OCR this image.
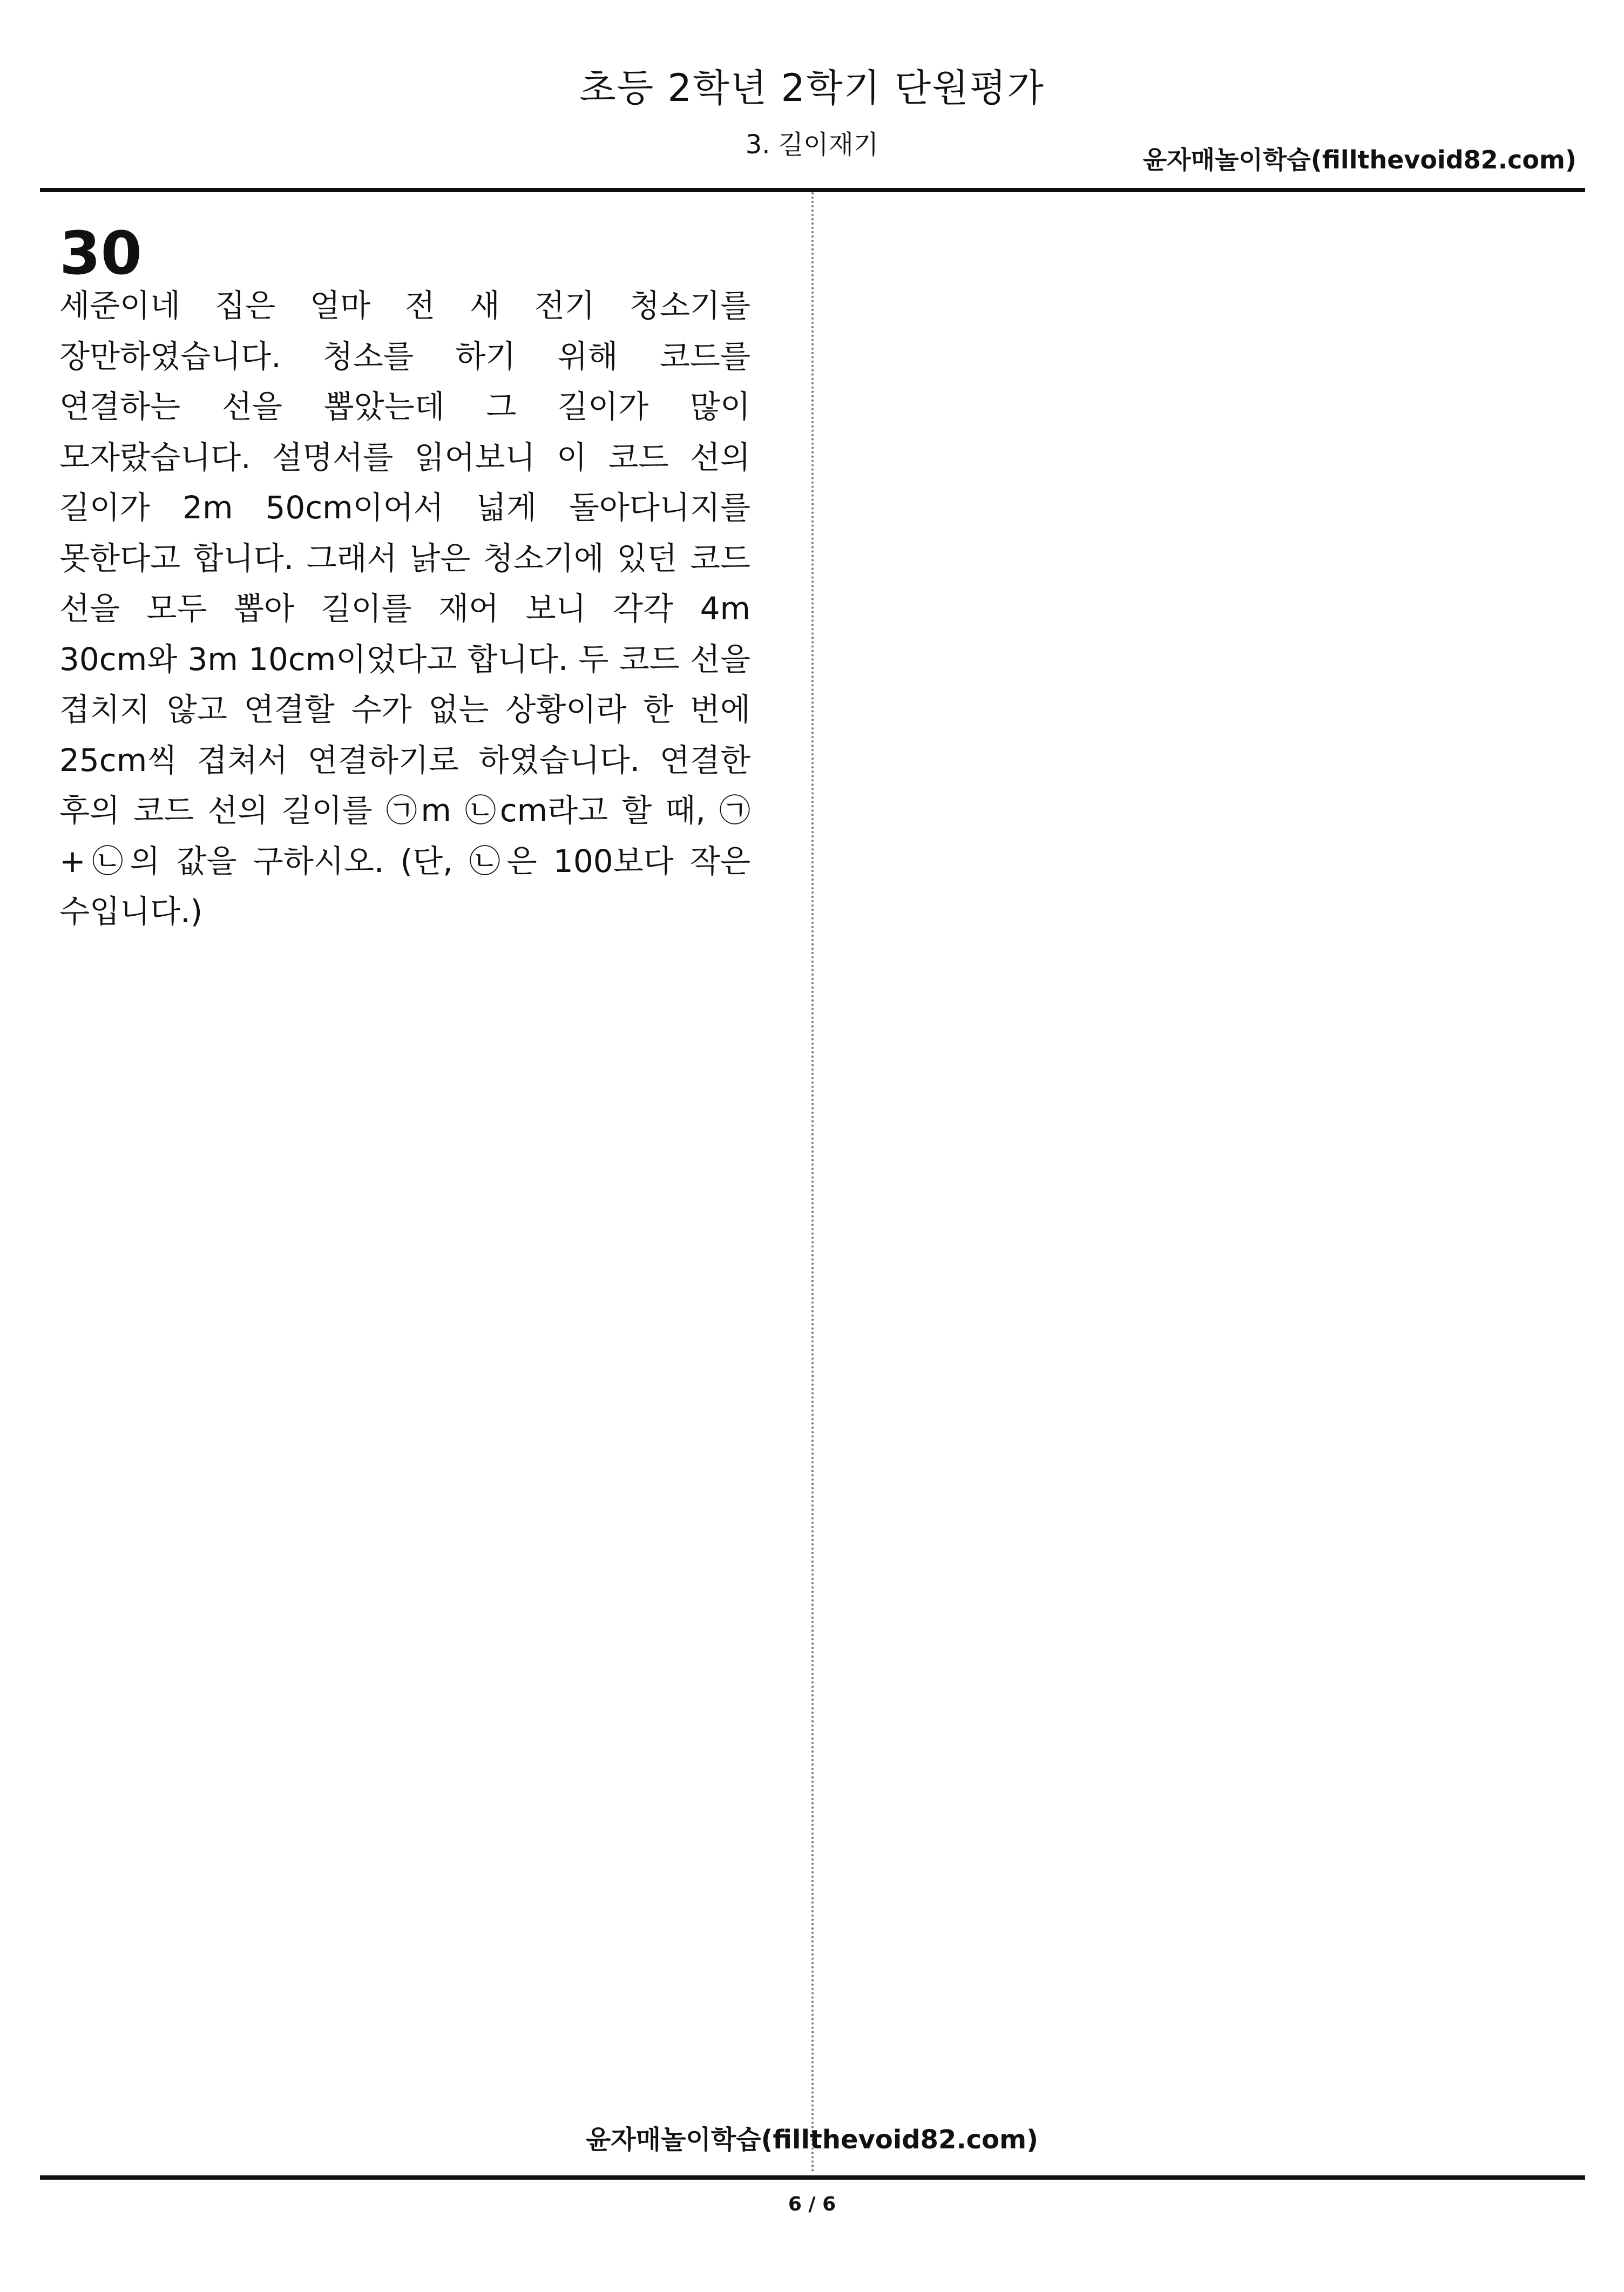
초등 2학년 2학기 단원평가
3. 길이재기	윤자매놀이학습(fillthevoid82.com)
30

세준이네 집은 얼마 전 새 전기 청소기를 장만하였습니다. 청소를 하기 위해 코드를 연결하는 선을 뽑았는데 그 길이가 많이 모자랐습니다. 설명서를 읽어보니 이 코드 선의 길이가 2m 50cm이어서 넓게 돌아다니지를 못한다고 합니다. 그래서 낡은 청소기에 있던 코드 선을 모두 뽑아 길이를 재어 보니 각각 4m 30cm와 3m 10cm이었다고 합니다. 두 코드 선을 겹치지 않고 연결할 수가 없는 상황이라 한 번에 25cm씩 겹쳐서 연결하기로 하였습니다. 연결한 후의 코드 선의 길이를 ㉠m ㉡cm라고 할 때, ㉠+㉡의 값을 구하시오. (단, ㉡은 100보다 작은 수입니다.)

윤자매놀이학습(fillthevoid82.com)
6 / 6
